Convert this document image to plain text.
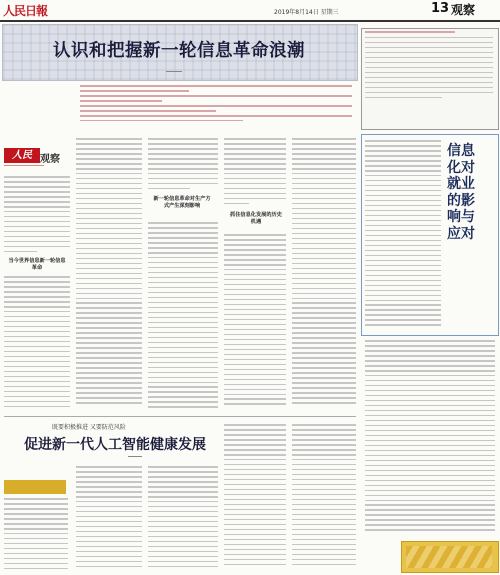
人民日報	2019年8月14日 星期三	13 观察
认识和把握新一轮信息革命浪潮
人民 观察
当今世界信息新一轮信息革命
新一轮信息革命对生产方式产生深刻影响
抓住信息化发展的历史机遇
信息化对就业的影响与应对
既要积极推进 又要防范风险
促进新一代人工智能健康发展
